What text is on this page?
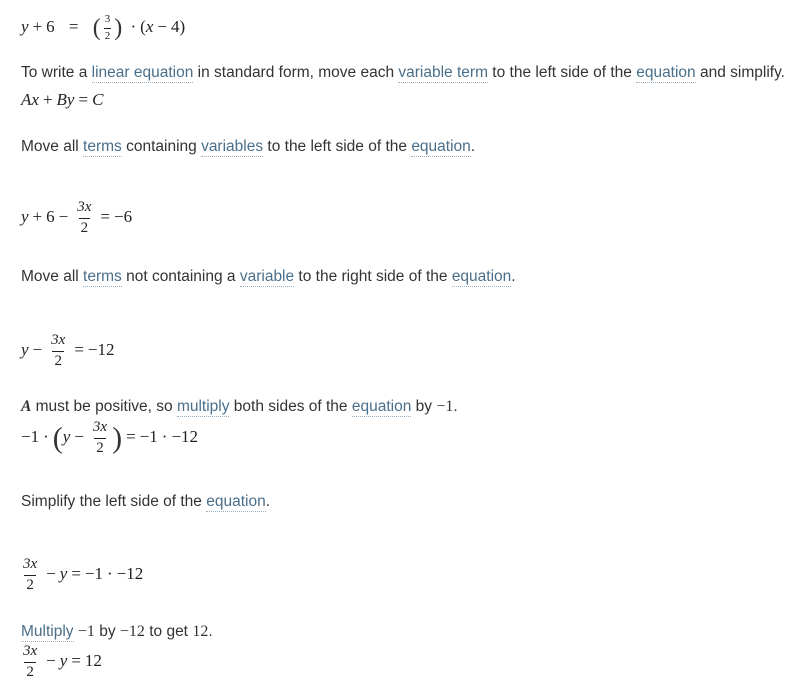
y + 6 = ( $\frac{3}{2}$ ) · (x − 4)
To write a linear equation in standard form, move each variable term to the left side of the equation and simplify.
Ax + By = C
Move all terms containing variables to the left side of the equation.
$y + 6 - \frac{3x}{2} = -6$
Move all terms not containing a variable to the right side of the equation.
$y - \frac{3x}{2} = -12$
A must be positive, so multiply both sides of the equation by −1.
$-1 \cdot (y - \frac{3x}{2}$ ) = −1 · −12
Simplify the left side of the equation.
$\frac{3x}{2} - y = -1 \cdot -12$
Multiply −1 by −12 to get 12.
$\frac{3x}{2} - y = 12$
